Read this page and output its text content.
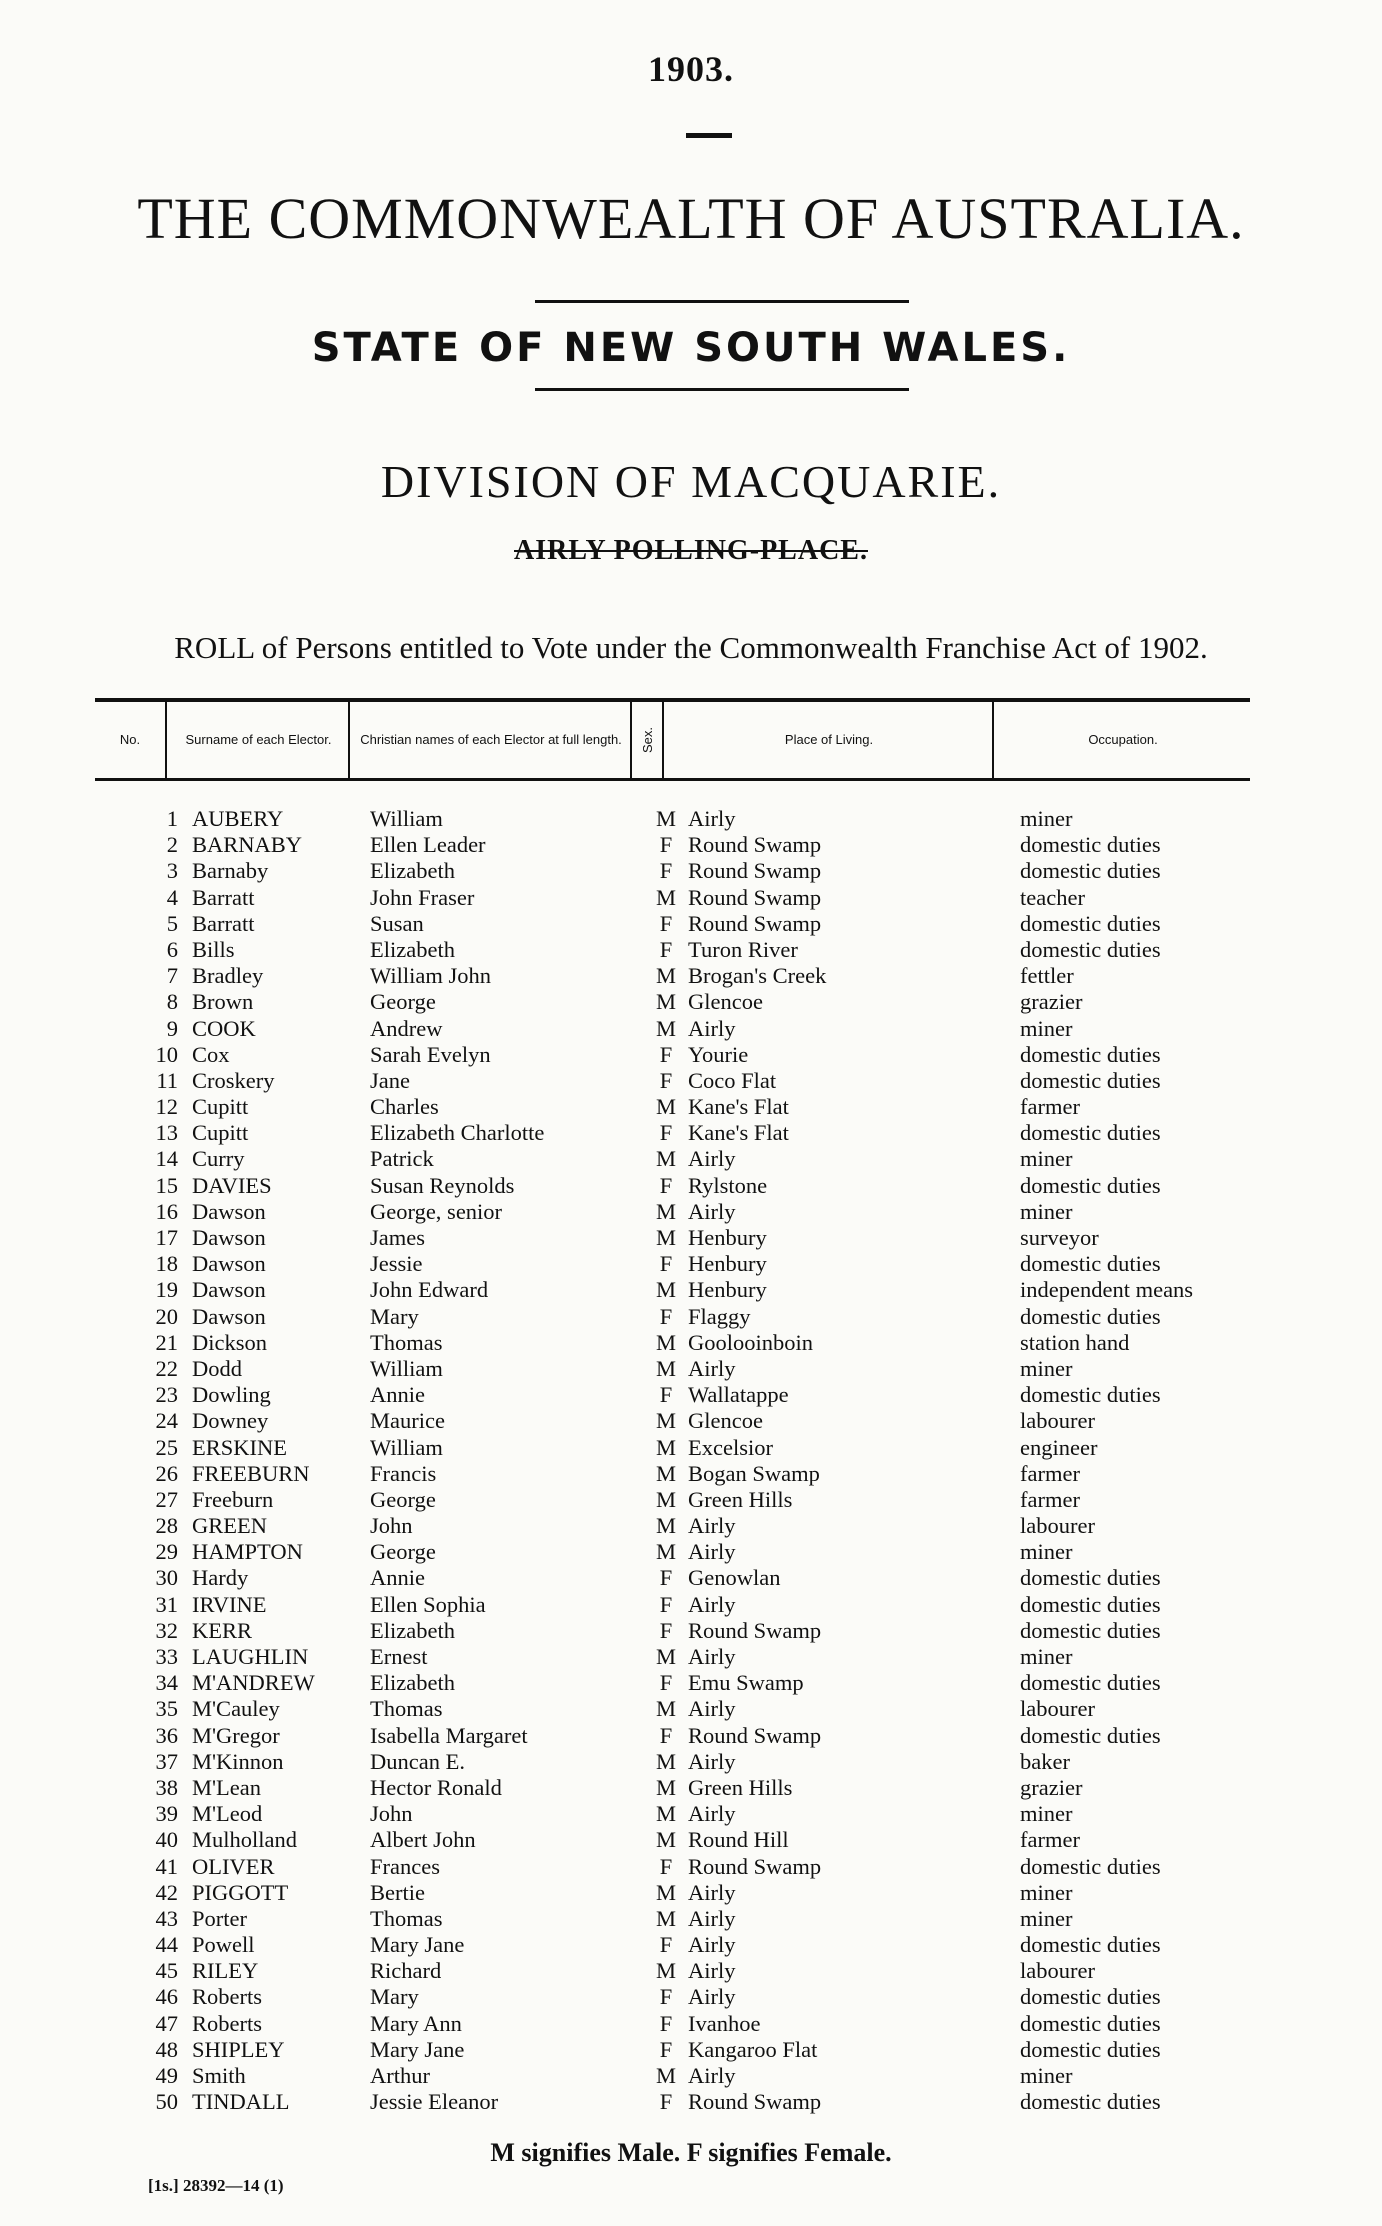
1903.
THE COMMONWEALTH OF AUSTRALIA.
STATE OF NEW SOUTH WALES.
DIVISION OF MACQUARIE.
AIRLY POLLING-PLACE.
ROLL of Persons entitled to Vote under the Commonwealth Franchise Act of 1902.
No.	Surname of each Elector.	Christian names of each Elector at full length.	Sex.	Place of Living.	Occupation.
1 AUBERY	William	M Airly	miner
2 BARNABY	Ellen Leader	F Round Swamp	domestic duties
3 Barnaby	Elizabeth	F Round Swamp	domestic duties
4 Barratt	John Fraser	M Round Swamp	teacher
5 Barratt	Susan	F Round Swamp	domestic duties
6 Bills	Elizabeth	F Turon River	domestic duties
7 Bradley	William John	M Brogan's Creek	fettler
8 Brown	George	M Glencoe	grazier
9 COOK	Andrew	M Airly	miner
10 Cox	Sarah Evelyn	F Yourie	domestic duties
11 Croskery	Jane	F Coco Flat	domestic duties
12 Cupitt	Charles	M Kane's Flat	farmer
13 Cupitt	Elizabeth Charlotte	F Kane's Flat	domestic duties
14 Curry	Patrick	M Airly	miner
15 DAVIES	Susan Reynolds	F Rylstone	domestic duties
16 Dawson	George, senior	M Airly	miner
17 Dawson	James	M Henbury	surveyor
18 Dawson	Jessie	F Henbury	domestic duties
19 Dawson	John Edward	M Henbury	independent means
20 Dawson	Mary	F Flaggy	domestic duties
21 Dickson	Thomas	M Goolooinboin	station hand
22 Dodd	William	M Airly	miner
23 Dowling	Annie	F Wallatappe	domestic duties
24 Downey	Maurice	M Glencoe	labourer
25 ERSKINE	William	M Excelsior	engineer
26 FREEBURN	Francis	M Bogan Swamp	farmer
27 Freeburn	George	M Green Hills	farmer
28 GREEN	John	M Airly	labourer
29 HAMPTON	George	M Airly	miner
30 Hardy	Annie	F Genowlan	domestic duties
31 IRVINE	Ellen Sophia	F Airly	domestic duties
32 KERR	Elizabeth	F Round Swamp	domestic duties
33 LAUGHLIN	Ernest	M Airly	miner
34 M'ANDREW Elizabeth	F Emu Swamp	domestic duties
35 M'Cauley	Thomas	M Airly	labourer
36 M'Gregor	Isabella Margaret	F Round Swamp	domestic duties
37 M'Kinnon	Duncan E.	M Airly	baker
38 M'Lean	Hector Ronald	M Green Hills	grazier
39 M'Leod	John	M Airly	miner
40 Mulholland	Albert John	M Round Hill	farmer
41 OLIVER	Frances	F Round Swamp	domestic duties
42 PIGGOTT	Bertie	M Airly	miner
43 Porter	Thomas	M Airly	miner
44 Powell	Mary Jane	F Airly	domestic duties
45 RILEY	Richard	M Airly	labourer
46 Roberts	Mary	F Airly	domestic duties
47 Roberts	Mary Ann	F Ivanhoe	domestic duties
48 SHIPLEY	Mary Jane	F Kangaroo Flat	domestic duties
49 Smith	Arthur	M Airly	miner
50 TINDALL	Jessie Eleanor	F Round Swamp	domestic duties
M signifies Male. F signifies Female.
[1s.] 28392—14 (1)
